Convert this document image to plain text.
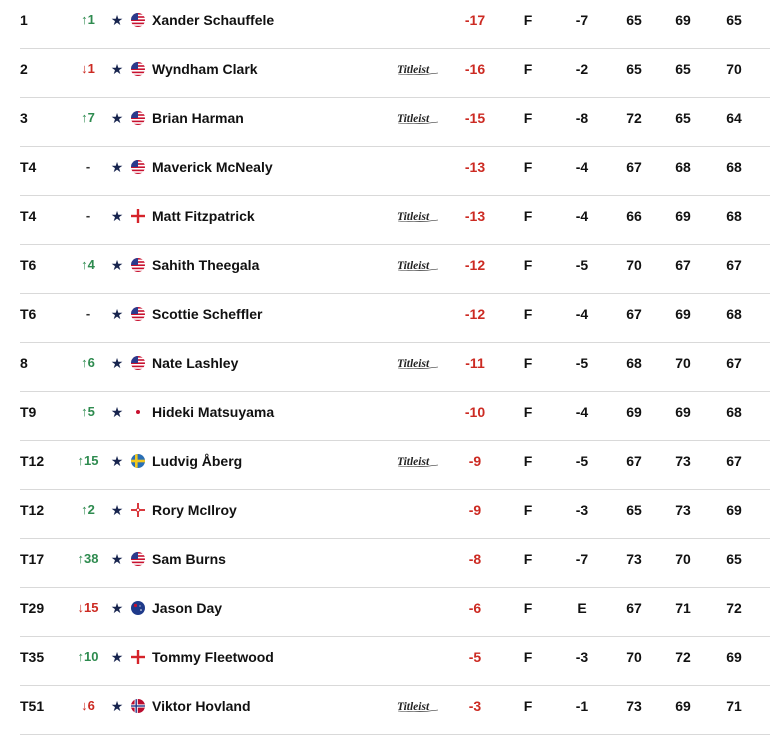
1	↑1	★ Xander Schauffele	-17	F	-7	65	69	65
2	↓1	★ Wyndham Clark	Titleist	-16	F	-2	65	65	70
3	↑7	★ Brian Harman	Titleist	-15	F	-8	72	65	64
T4	-	★ Maverick McNealy	-13	F	-4	67	68	68
T4	-	★ Matt Fitzpatrick	Titleist	-13	F	-4	66	69	68
T6	↑4	★ Sahith Theegala	Titleist	-12	F	-5	70	67	67
T6	-	★ Scottie Scheffler	-12	F	-4	67	69	68
8	↑6	★ Nate Lashley	Titleist	-11	F	-5	68	70	67
T9	↑5	★ Hideki Matsuyama	-10	F	-4	69	69	68
T12	↑15 ★ Ludvig Åberg	Titleist	-9	F	-5	67	73	67
T12	↑2	★ Rory McIlroy	-9	F	-3	65	73	69
T17	↑38 ★ Sam Burns	-8	F	-7	73	70	65
T29	↓15 ★ Jason Day	-6	F	E	67	71	72
T35	↑10 ★ Tommy Fleetwood	-5	F	-3	70	72	69
T51	↓6	★ Viktor Hovland	Titleist	-3	F	-1	73	69	71
